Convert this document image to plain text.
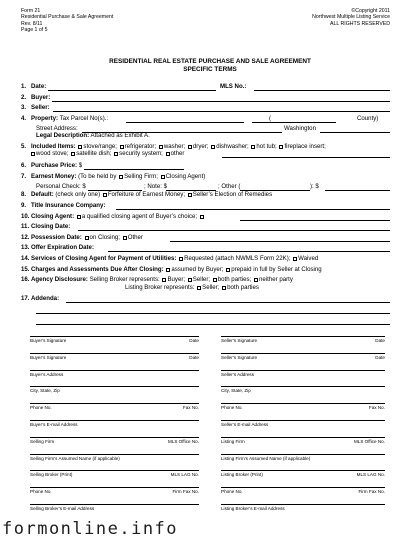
Form 21
Residential Purchase & Sale Agreement
Rev. 8/11
Page 1 of 5
©Copyright 2011
Northwest Multiple Listing Service
ALL RIGHTS RESERVED
RESIDENTIAL REAL ESTATE PURCHASE AND SALE AGREEMENT
SPECIFIC TERMS
1. Date:	MLS No.:
2. Buyer:
3. Seller:
4. Property: Tax Parcel No(s).:	(	County)
Street Address:	Washington
Legal Description: Attached as Exhibit A.
5. Included Items: stove/range; refrigerator; washer; dryer; dishwasher; hot tub; fireplace insert;
wood stove; satellite dish; security system; other
6. Purchase Price: $
7. Earnest Money: (To be held by Selling Firm; Closing Agent)
Personal Check: $	; Note: $	; Other (	): $
8. Default: (check only one) Forfeiture of Earnest Money; Seller’s Election of Remedies
9. Title Insurance Company:
10. Closing Agent: a qualified closing agent of Buyer’s choice;
11. Closing Date:
12. Possession Date: on Closing; Other
13. Offer Expiration Date:
14. Services of Closing Agent for Payment of Utilities: Requested (attach NWMLS Form 22K); Waived
15. Charges and Assessments Due After Closing: assumed by Buyer; prepaid in full by Seller at Closing
16. Agency Disclosure: Selling Broker represents: Buyer; Seller; both parties; neither party
Listing Broker represents: Seller; both parties
17. Addenda:
Buyer’s Signature	Date
Buyer’s Signature	Date
Buyer’s Address
City, State, Zip
Phone No.	Fax No.
Buyer’s E-mail Address
Selling Firm	MLS Office No.
Selling Firm’s Assumed Name (if applicable)
Selling Broker (Print)	MLS LAG No.
Phone No.	Firm Fax No.
Selling Broker’s E-mail Address
Seller’s Signature	Date
Seller’s Signature	Date
Seller’s Address
City, State, Zip
Phone No.	Fax No.
Seller’s E-mail Address
Listing Firm	MLS Office No.
Listing Firm’s Assumed Name (if applicable)
Listing Broker (Print)	MLS LAG No.
Phone No.	Firm Fax No.
Listing Broker’s E-mail Address
formonline.info
